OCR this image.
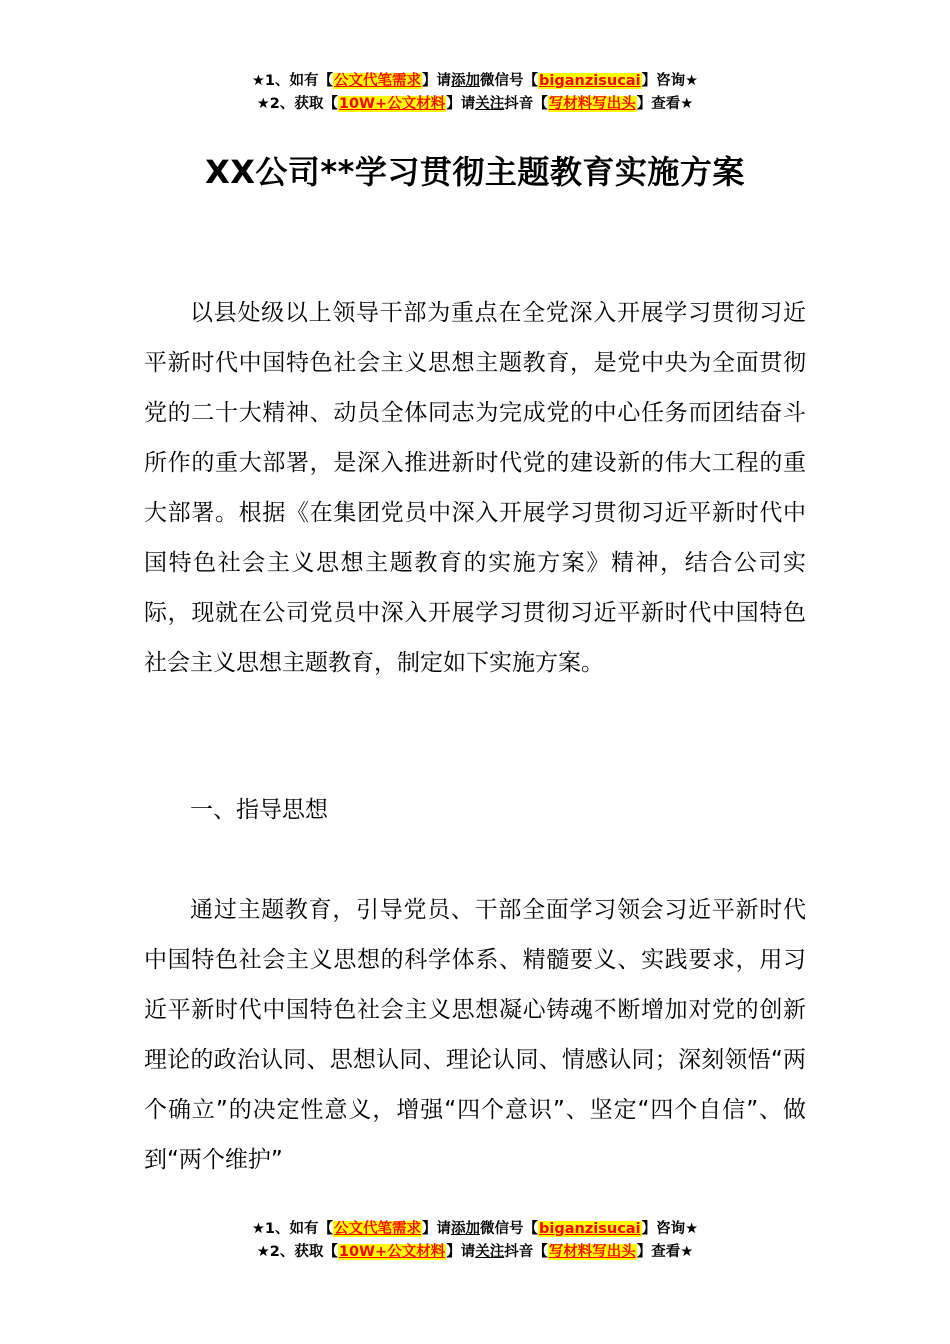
★1、如有【公文代笔需求】请添加微信号【biganzisucai】咨询★
★2、获取【10W+公文材料】请关注抖音【写材料写出头】查看★
XX公司**学习贯彻主题教育实施方案

以县处级以上领导干部为重点在全党深入开展学习贯彻习近平新时代中国特色社会主义思想主题教育，是党中央为全面贯彻 党的二十大精神、动员全体同志为完成党的中心任务而团结奋斗 所作的重大部署，是深入推进新时代党的建设新的伟大工程的重 大部署。根据《在集团党员中深入开展学习贯彻习近平新时代中国特色社会主义思想主题教育的实施方案》精神，结合公司实际，现就在公司党员中深入开展学习贯彻习近平新时代中国特色社会主义思想主题教育，制定如下实施方案。

一、指导思想

通过主题教育，引导党员、干部全面学习领会习近平新时代中国特色社会主义思想的科学体系、精髓要义、实践要求，用习近平新时代中国特色社会主义思想凝心铸魂不断增加对党的创新理论的政治认同、思想认同、理论认同、情感认同；深刻领悟“两个确立”的决定性意义，增强“四个意识”、坚定“四个自信”、做到“两个维护”

★1、如有【公文代笔需求】请添加微信号【biganzisucai】咨询★
★2、获取【10W+公文材料】请关注抖音【写材料写出头】查看★
